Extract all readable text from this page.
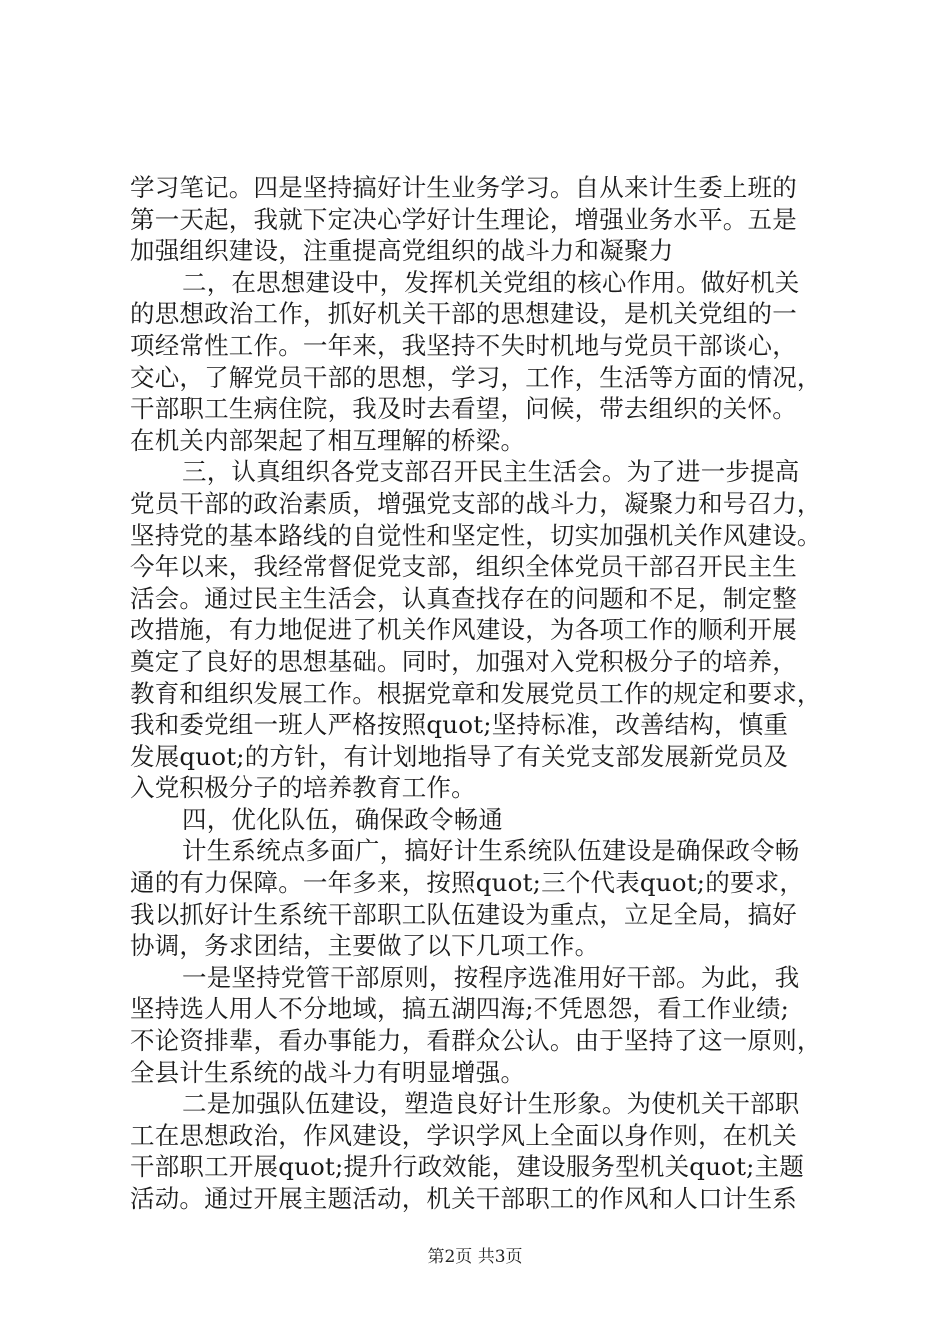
学习笔记。四是坚持搞好计生业务学习。自从来计生委上班的
第一天起，我就下定决心学好计生理论，增强业务水平。五是
加强组织建设，注重提高党组织的战斗力和凝聚力
二，在思想建设中，发挥机关党组的核心作用。做好机关
的思想政治工作，抓好机关干部的思想建设，是机关党组的一
项经常性工作。一年来，我坚持不失时机地与党员干部谈心，
交心，了解党员干部的思想，学习，工作，生活等方面的情况，
干部职工生病住院，我及时去看望，问候，带去组织的关怀。
在机关内部架起了相互理解的桥梁。
三，认真组织各党支部召开民主生活会。为了进一步提高
党员干部的政治素质，增强党支部的战斗力，凝聚力和号召力，
坚持党的基本路线的自觉性和坚定性，切实加强机关作风建设。
今年以来，我经常督促党支部，组织全体党员干部召开民主生
活会。通过民主生活会，认真查找存在的问题和不足，制定整
改措施，有力地促进了机关作风建设，为各项工作的顺利开展
奠定了良好的思想基础。同时，加强对入党积极分子的培养，
教育和组织发展工作。根据党章和发展党员工作的规定和要求，
我和委党组一班人严格按照quot;坚持标准，改善结构，慎重
发展quot;的方针，有计划地指导了有关党支部发展新党员及
入党积极分子的培养教育工作。
四，优化队伍，确保政令畅通
计生系统点多面广，搞好计生系统队伍建设是确保政令畅
通的有力保障。一年多来，按照quot;三个代表quot;的要求，
我以抓好计生系统干部职工队伍建设为重点，立足全局，搞好
协调，务求团结，主要做了以下几项工作。
一是坚持党管干部原则，按程序选准用好干部。为此，我
坚持选人用人不分地域，搞五湖四海;不凭恩怨，看工作业绩;
不论资排辈，看办事能力，看群众公认。由于坚持了这一原则，
全县计生系统的战斗力有明显增强。
二是加强队伍建设，塑造良好计生形象。为使机关干部职
工在思想政治，作风建设，学识学风上全面以身作则，在机关
干部职工开展quot;提升行政效能，建设服务型机关quot;主题
活动。通过开展主题活动，机关干部职工的作风和人口计生系
第2页 共3页
